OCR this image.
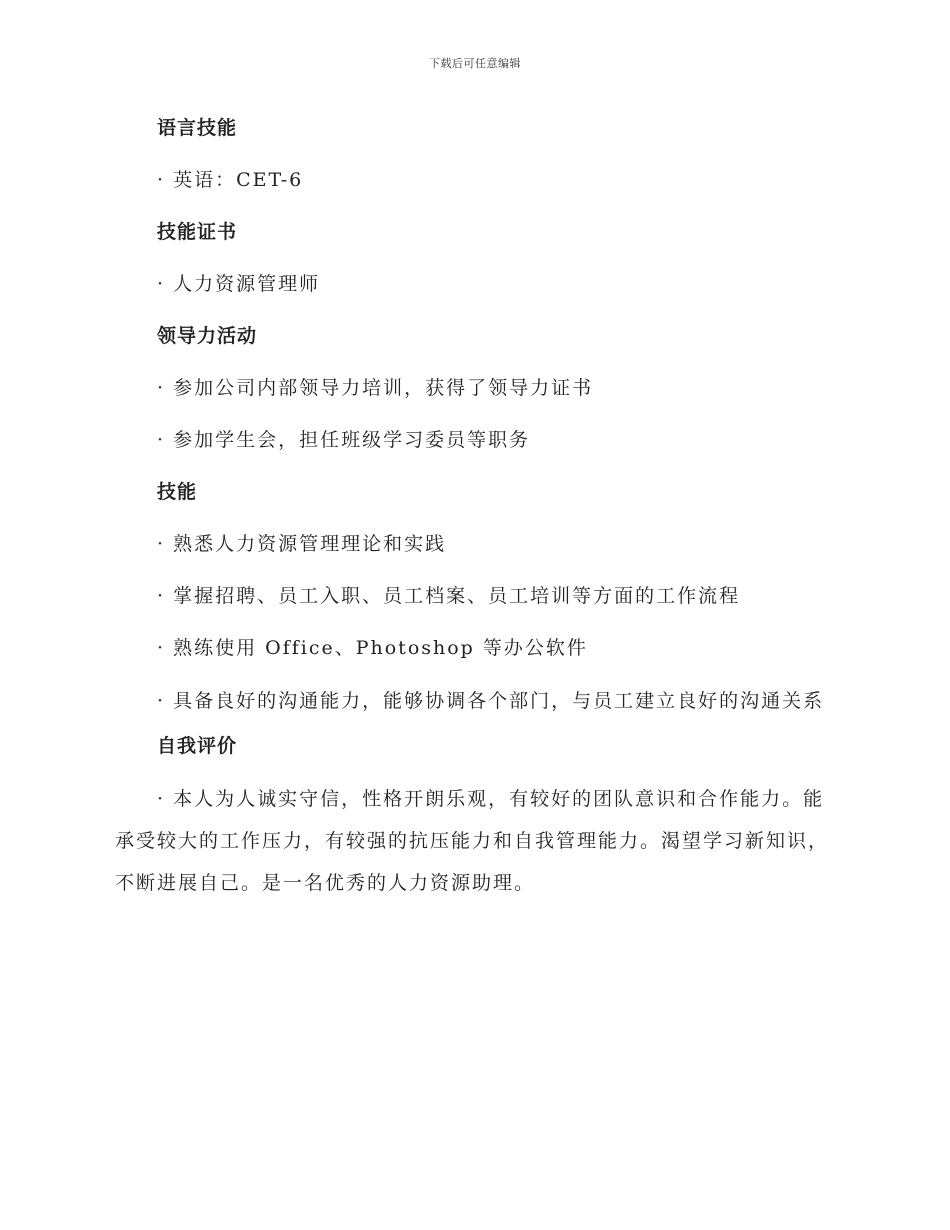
下载后可任意编辑
语言技能
· 英语：CET-6
技能证书
· 人力资源管理师
领导力活动
· 参加公司内部领导力培训，获得了领导力证书
· 参加学生会，担任班级学习委员等职务
技能
· 熟悉人力资源管理理论和实践
· 掌握招聘、员工入职、员工档案、员工培训等方面的工作流程
· 熟练使用 Office、Photoshop 等办公软件
· 具备良好的沟通能力，能够协调各个部门，与员工建立良好的沟通关系
自我评价
· 本人为人诚实守信，性格开朗乐观，有较好的团队意识和合作能力。能承受较大的工作压力，有较强的抗压能力和自我管理能力。渴望学习新知识，不断进展自己。是一名优秀的人力资源助理。
